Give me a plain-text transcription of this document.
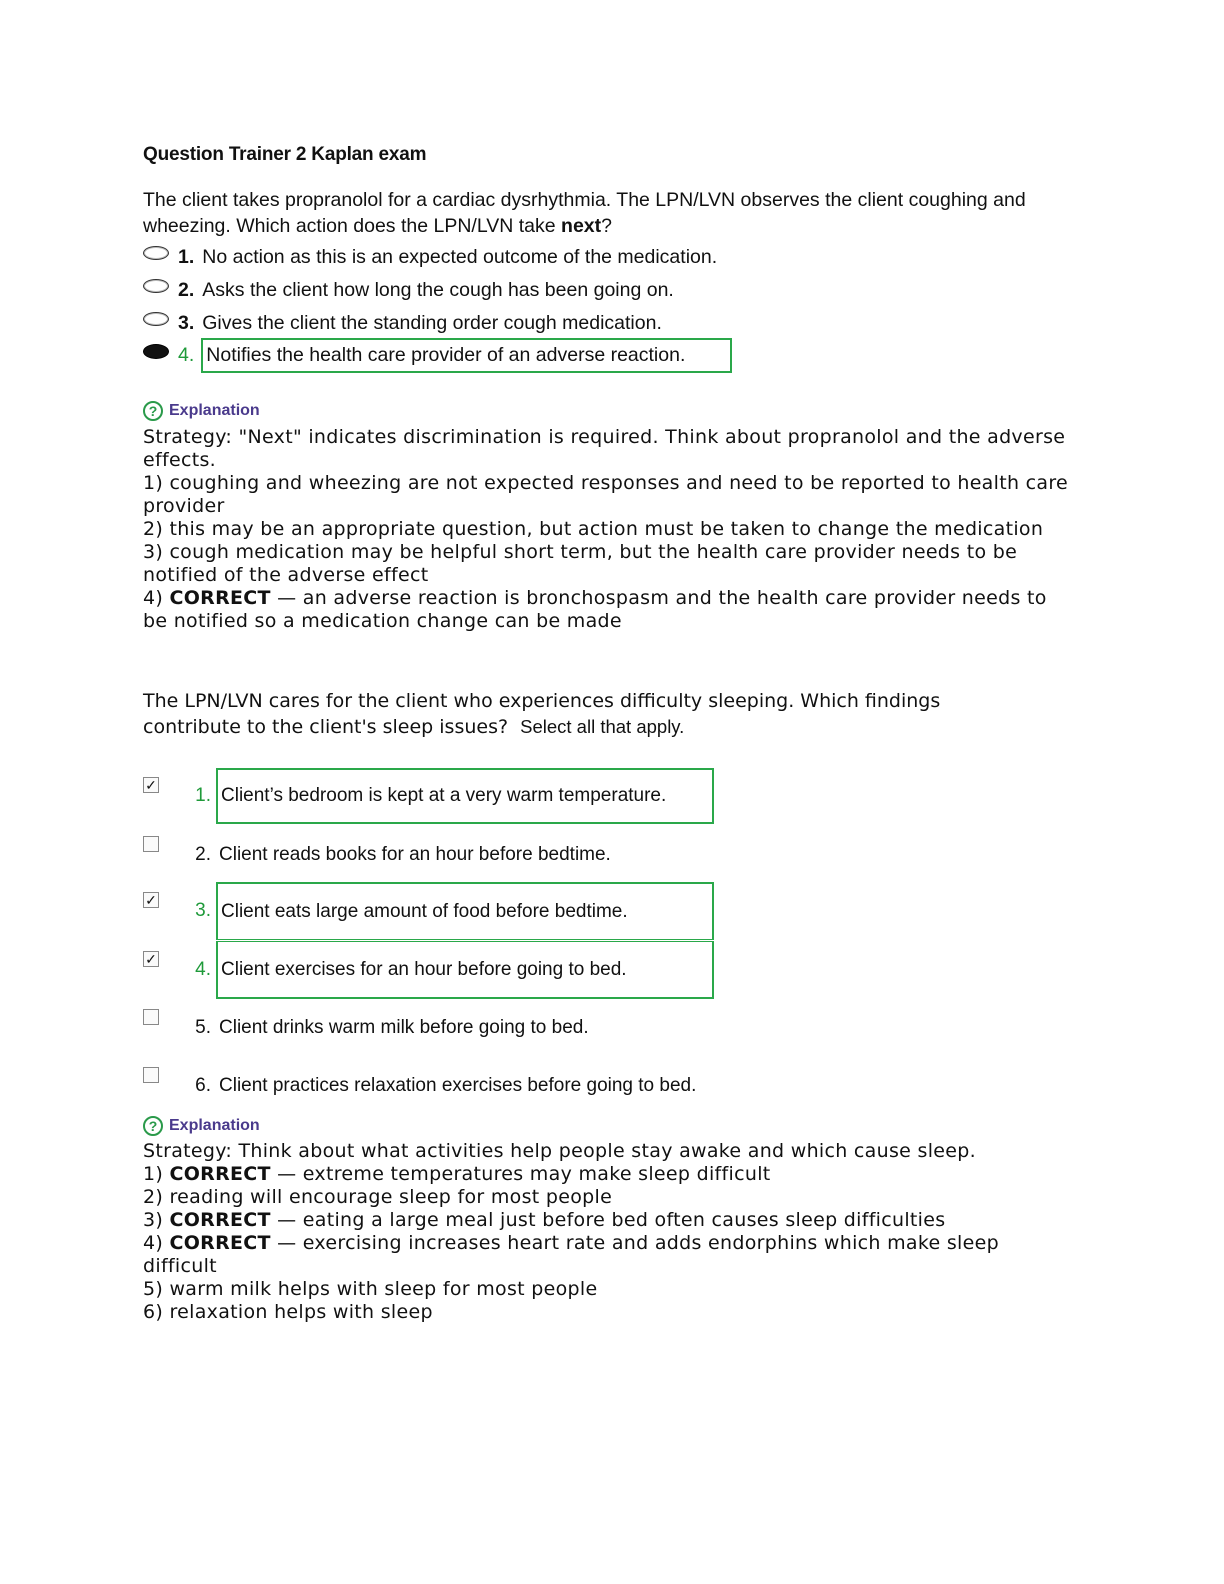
Question Trainer 2 Kaplan exam
The client takes propranolol for a cardiac dysrhythmia. The LPN/LVN observes the client coughing and wheezing. Which action does the LPN/LVN take next?
1. No action as this is an expected outcome of the medication.
2. Asks the client how long the cough has been going on.
3. Gives the client the standing order cough medication.
4. Notifies the health care provider of an adverse reaction.
? Explanation

Strategy: "Next" indicates discrimination is required. Think about propranolol and the adverse effects.

1) coughing and wheezing are not expected responses and need to be reported to health care provider

2) this may be an appropriate question, but action must be taken to change the medication

3) cough medication may be helpful short term, but the health care provider needs to be notified of the adverse effect

4) CORRECT — an adverse reaction is bronchospasm and the health care provider needs to be notified so a medication change can be made

The LPN/LVN cares for the client who experiences difficulty sleeping. Which findings contribute to the client's sleep issues? Select all that apply.
✓	1. Client’s bedroom is kept at a very warm temperature.
2. Client reads books for an hour before bedtime.
✓	3. Client eats large amount of food before bedtime.
✓	4. Client exercises for an hour before going to bed.
5. Client drinks warm milk before going to bed.
6. Client practices relaxation exercises before going to bed.
? Explanation

Strategy: Think about what activities help people stay awake and which cause sleep.

1) CORRECT — extreme temperatures may make sleep difficult

2) reading will encourage sleep for most people

3) CORRECT — eating a large meal just before bed often causes sleep difficulties

4) CORRECT — exercising increases heart rate and adds endorphins which make sleep difficult

5) warm milk helps with sleep for most people

6) relaxation helps with sleep
